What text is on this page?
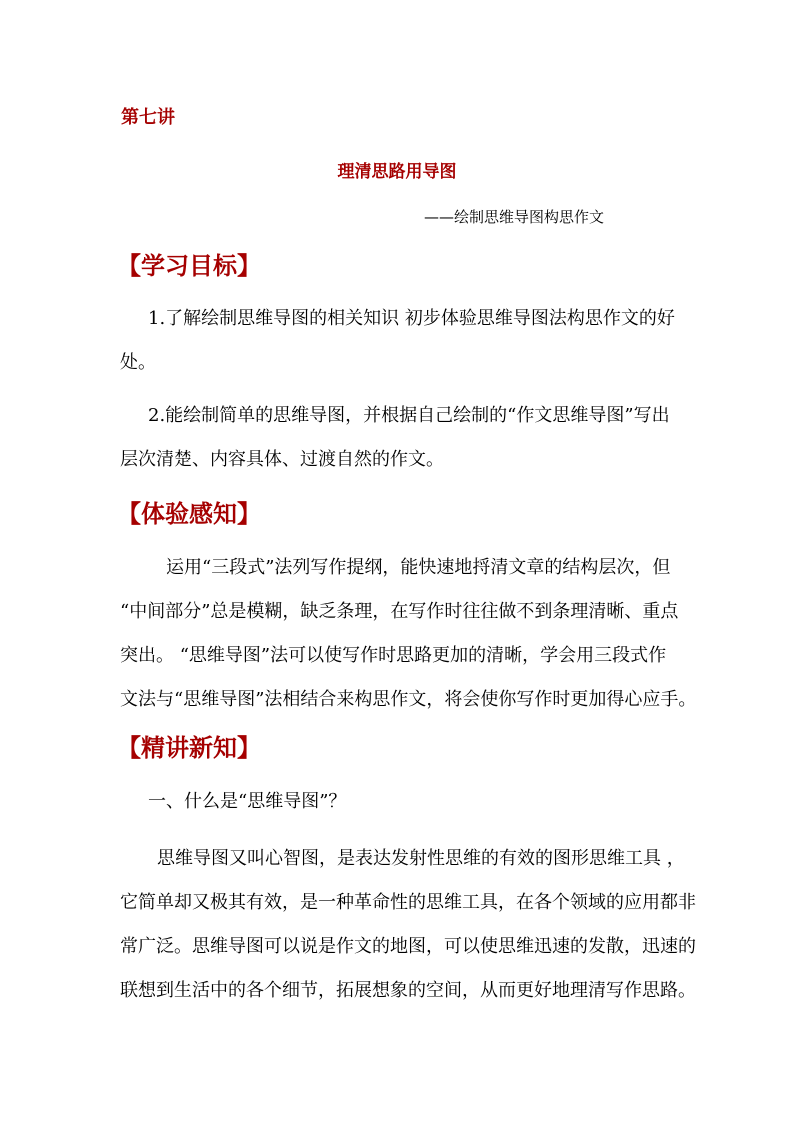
第七讲
理清思路用导图
——绘制思维导图构思作文
【学习目标】
1.了解绘制思维导图的相关知识 初步体验思维导图法构思作文的好
处。
2.能绘制简单的思维导图，并根据自己绘制的“作文思维导图”写出
层次清楚、内容具体、过渡自然的作文。
【体验感知】
运用“三段式”法列写作提纲，能快速地捋清文章的结构层次，但
“中间部分”总是模糊，缺乏条理，在写作时往往做不到条理清晰、重点
突出。 “思维导图”法可以使写作时思路更加的清晰，学会用三段式作
文法与“思维导图”法相结合来构思作文，将会使你写作时更加得心应手。
【精讲新知】
一、什么是“思维导图”？
思维导图又叫心智图，是表达发射性思维的有效的图形思维工具 ，
它简单却又极其有效，是一种革命性的思维工具，在各个领域的应用都非
常广泛。思维导图可以说是作文的地图，可以使思维迅速的发散，迅速的
联想到生活中的各个细节，拓展想象的空间，从而更好地理清写作思路。
